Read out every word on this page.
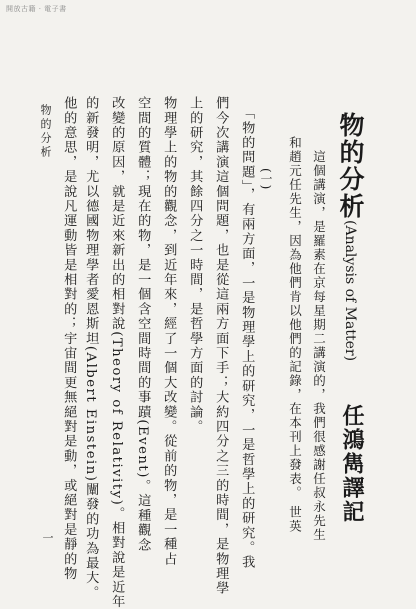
開放古籍 · 電子書
物的分析(Analysis of Matter)
任鴻雋譯記
這個講演，是羅素在京每星期二講演的，我們很感謝任叔永先生
和趙元任先生，因為他們肯以他們的記錄，在本刊上發表。 世英
(一)
「物的問題」，有兩方面，一是物理學上的研究，一是哲學上的研究。我
們今次講演這個問題，也是從這兩方面下手；大約四分之三的時間，是物理學
上的研究，其餘四分之一時間，是哲學方面的討論。
物理學上的物的觀念，到近年來，經了一個大改變。從前的物，是一種占
空間的質體；現在的物，是一個含空間時間的事蹟(Event)。這種觀念
改變的原因，就是近來新出的相對說(Theory of Relativity)。相對說是近年
的新發明，尤以德國物理學者愛恩斯坦(Albert Einstein)闡發的功為最大。
他的意思，是說凡運動皆是相對的；宇宙間更無絕對是動，或絕對是靜的物
物的分析
一
